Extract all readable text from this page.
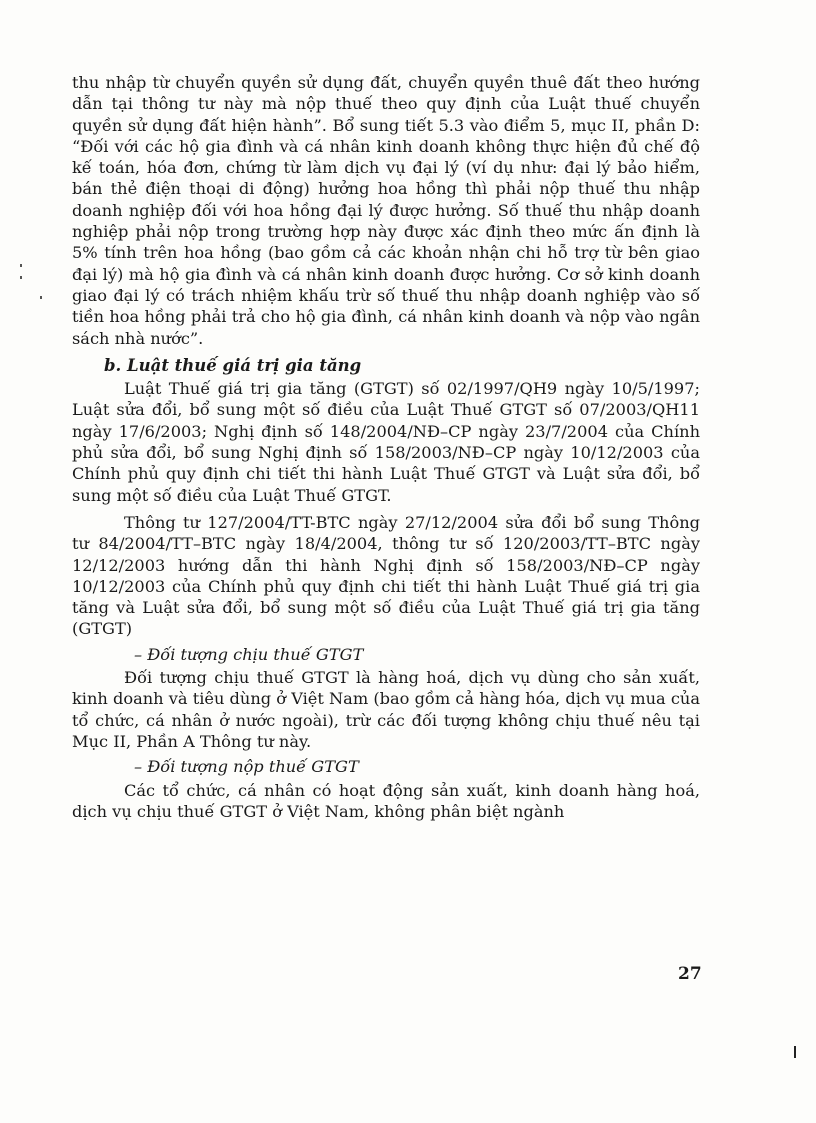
thu nhập từ chuyển quyền sử dụng đất, chuyển quyền thuê đất theo hướng dẫn tại thông tư này mà nộp thuế theo quy định của Luật thuế chuyển quyền sử dụng đất hiện hành”. Bổ sung tiết 5.3 vào điểm 5, mục II, phần D: “Đối với các hộ gia đình và cá nhân kinh doanh không thực hiện đủ chế độ kế toán, hóa đơn, chứng từ làm dịch vụ đại lý (ví dụ như: đại lý bảo hiểm, bán thẻ điện thoại di động) hưởng hoa hồng thì phải nộp thuế thu nhập doanh nghiệp đối với hoa hồng đại lý được hưởng. Số thuế thu nhập doanh nghiệp phải nộp trong trường hợp này được xác định theo mức ấn định là 5% tính trên hoa hồng (bao gồm cả các khoản nhận chi hỗ trợ từ bên giao đại lý) mà hộ gia đình và cá nhân kinh doanh được hưởng. Cơ sở kinh doanh giao đại lý có trách nhiệm khấu trừ số thuế thu nhập doanh nghiệp vào số tiền hoa hồng phải trả cho hộ gia đình, cá nhân kinh doanh và nộp vào ngân sách nhà nước”.

b. Luật thuế giá trị gia tăng

Luật Thuế giá trị gia tăng (GTGT) số 02/1997/QH9 ngày 10/5/1997; Luật sửa đổi, bổ sung một số điều của Luật Thuế GTGT số 07/2003/QH11 ngày 17/6/2003; Nghị định số 148/2004/NĐ–CP ngày 23/7/2004 của Chính phủ sửa đổi, bổ sung Nghị định số 158/2003/NĐ–CP ngày 10/12/2003 của Chính phủ quy định chi tiết thi hành Luật Thuế GTGT và Luật sửa đổi, bổ sung một số điều của Luật Thuế GTGT.

Thông tư 127/2004/TT-BTC ngày 27/12/2004 sửa đổi bổ sung Thông tư 84/2004/TT–BTC ngày 18/4/2004, thông tư số 120/2003/TT–BTC ngày 12/12/2003 hướng dẫn thi hành Nghị định số 158/2003/NĐ–CP ngày 10/12/2003 của Chính phủ quy định chi tiết thi hành Luật Thuế giá trị gia tăng và Luật sửa đổi, bổ sung một số điều của Luật Thuế giá trị gia tăng (GTGT)

– Đối tượng chịu thuế GTGT

Đối tượng chịu thuế GTGT là hàng hoá, dịch vụ dùng cho sản xuất, kinh doanh và tiêu dùng ở Việt Nam (bao gồm cả hàng hóa, dịch vụ mua của tổ chức, cá nhân ở nước ngoài), trừ các đối tượng không chịu thuế nêu tại Mục II, Phần A Thông tư này.

– Đối tượng nộp thuế GTGT

Các tổ chức, cá nhân có hoạt động sản xuất, kinh doanh hàng hoá, dịch vụ chịu thuế GTGT ở Việt Nam, không phân biệt ngành

27
